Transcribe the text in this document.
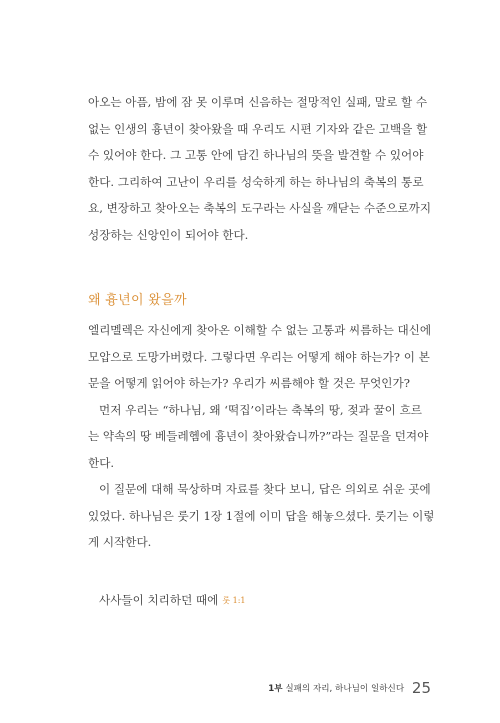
아오는 아픔, 밤에 잠 못 이루며 신음하는 절망적인 실패, 말로 할 수
없는 인생의 흉년이 찾아왔을 때 우리도 시편 기자와 같은 고백을 할
수 있어야 한다. 그 고통 안에 담긴 하나님의 뜻을 발견할 수 있어야
한다. 그리하여 고난이 우리를 성숙하게 하는 하나님의 축복의 통로
요, 변장하고 찾아오는 축복의 도구라는 사실을 깨닫는 수준으로까지
성장하는 신앙인이 되어야 한다.
왜 흉년이 왔을까
엘리멜렉은 자신에게 찾아온 이해할 수 없는 고통과 씨름하는 대신에
모압으로 도망가버렸다. 그렇다면 우리는 어떻게 해야 하는가? 이 본
문을 어떻게 읽어야 하는가? 우리가 씨름해야 할 것은 무엇인가?
먼저 우리는 “하나님, 왜 ‘떡집’이라는 축복의 땅, 젖과 꿀이 흐르
는 약속의 땅 베들레헴에 흉년이 찾아왔습니까?”라는 질문을 던져야
한다.
이 질문에 대해 묵상하며 자료를 찾다 보니, 답은 의외로 쉬운 곳에
있었다. 하나님은 룻기 1장 1절에 이미 답을 해놓으셨다. 룻기는 이렇
게 시작한다.
사사들이 치리하던 때에 룻 1:1
1부 실패의 자리, 하나님이 일하신다 25
